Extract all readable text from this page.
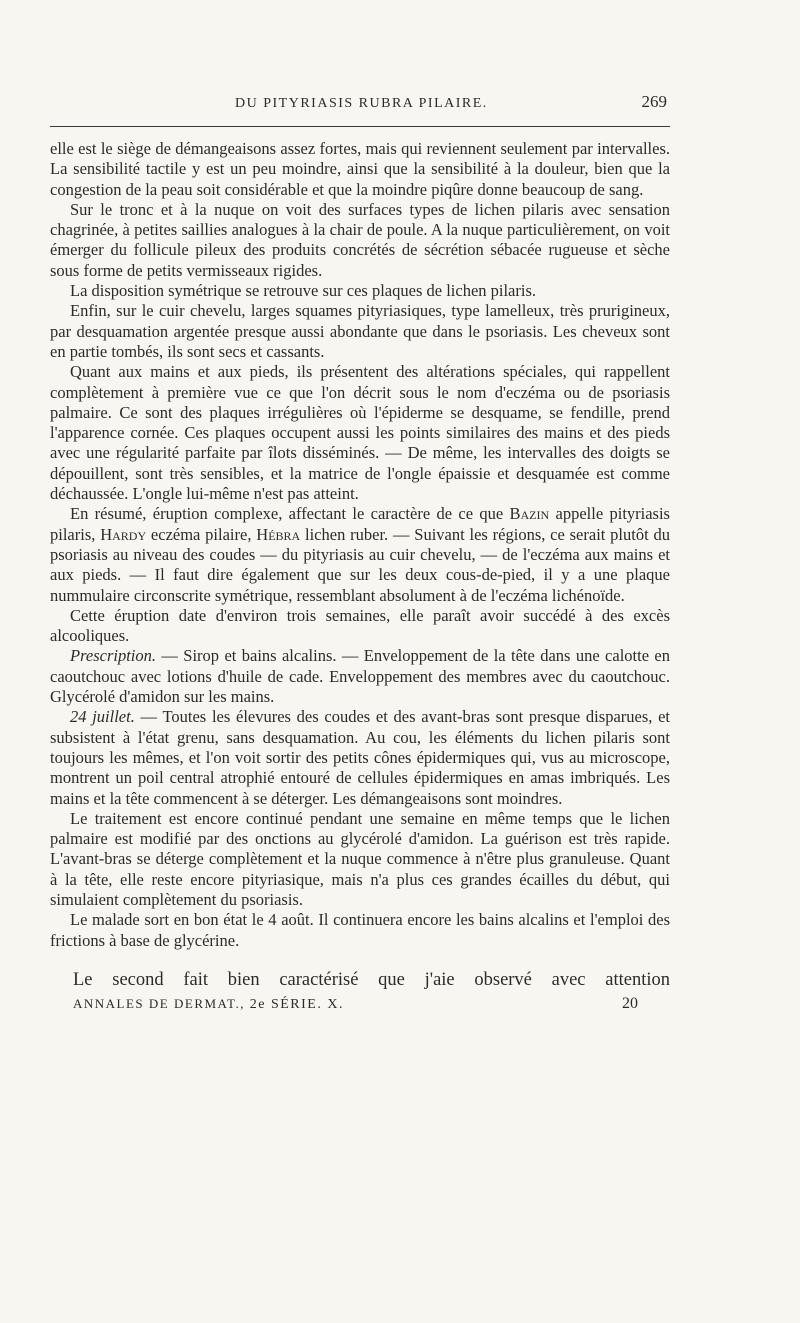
DU PITYRIASIS RUBRA PILAIRE.	269

elle est le siège de démangeaisons assez fortes, mais qui reviennent seulement par intervalles. La sensibilité tactile y est un peu moindre, ainsi que la sensibilité à la douleur, bien que la congestion de la peau soit considérable et que la moindre piqûre donne beaucoup de sang.

Sur le tronc et à la nuque on voit des surfaces types de lichen pilaris avec sensation chagrinée, à petites saillies analogues à la chair de poule. A la nuque particulièrement, on voit émerger du follicule pileux des produits concrétés de sécrétion sébacée rugueuse et sèche sous forme de petits vermisseaux rigides.

La disposition symétrique se retrouve sur ces plaques de lichen pilaris.

Enfin, sur le cuir chevelu, larges squames pityriasiques, type lamelleux, très prurigineux, par desquamation argentée presque aussi abondante que dans le psoriasis. Les cheveux sont en partie tombés, ils sont secs et cassants.

Quant aux mains et aux pieds, ils présentent des altérations spéciales, qui rappellent complètement à première vue ce que l'on décrit sous le nom d'eczéma ou de psoriasis palmaire. Ce sont des plaques irrégulières où l'épiderme se desquame, se fendille, prend l'apparence cornée. Ces plaques occupent aussi les points similaires des mains et des pieds avec une régularité parfaite par îlots disséminés. — De même, les intervalles des doigts se dépouillent, sont très sensibles, et la matrice de l'ongle épaissie et desquamée est comme déchaussée. L'ongle lui-même n'est pas atteint.

En résumé, éruption complexe, affectant le caractère de ce que Bazin appelle pityriasis pilaris, Hardy eczéma pilaire, Hébra lichen ruber. — Suivant les régions, ce serait plutôt du psoriasis au niveau des coudes — du pityriasis au cuir chevelu, — de l'eczéma aux mains et aux pieds. — Il faut dire également que sur les deux cous-de-pied, il y a une plaque nummulaire circonscrite symétrique, ressemblant absolument à de l'eczéma lichénoïde.

Cette éruption date d'environ trois semaines, elle paraît avoir succédé à des excès alcooliques.

Prescription. — Sirop et bains alcalins. — Enveloppement de la tête dans une calotte en caoutchouc avec lotions d'huile de cade. Enveloppement des membres avec du caoutchouc. Glycérolé d'amidon sur les mains.

24 juillet. — Toutes les élevures des coudes et des avant-bras sont presque disparues, et subsistent à l'état grenu, sans desquamation. Au cou, les éléments du lichen pilaris sont toujours les mêmes, et l'on voit sortir des petits cônes épidermiques qui, vus au microscope, montrent un poil central atrophié entouré de cellules épidermiques en amas imbriqués. Les mains et la tête commencent à se déterger. Les démangeaisons sont moindres.

Le traitement est encore continué pendant une semaine en même temps que le lichen palmaire est modifié par des onctions au glycérolé d'amidon. La guérison est très rapide. L'avant-bras se déterge complètement et la nuque commence à n'être plus granuleuse. Quant à la tête, elle reste encore pityriasique, mais n'a plus ces grandes écailles du début, qui simulaient complètement du psoriasis.

Le malade sort en bon état le 4 août. Il continuera encore les bains alcalins et l'emploi des frictions à base de glycérine.

Le second fait bien caractérisé que j'aie observé avec attention
ANNALES DE DERMAT., 2e SÉRIE. X.	20
